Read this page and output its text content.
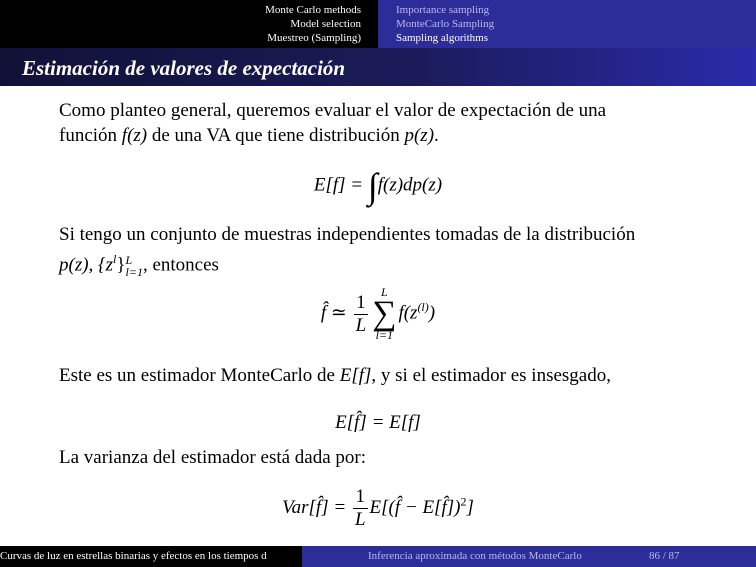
Monte Carlo methods
Model selection
Muestreo (Sampling)
Importance sampling
MonteCarlo Sampling
Sampling algorithms
Estimación de valores de expectación
Como planteo general, queremos evaluar el valor de expectación de una
función f(z) de una VA que tiene distribución p(z).
E[f] = ∫f(z)dp(z)
Si tengo un conjunto de muestras independientes tomadas de la distribución
p(z), $\{z^l\}$ L
l=1 , entonces
f̂ ≃ $\frac{1}{L}$ L
∑
l=1
$f(z^{(l)})$
Este es un estimador MonteCarlo de E[f], y si el estimador es insesgado,
E[f̂] = E[f]
La varianza del estimador está dada por:
Var[f̂] = $\frac{1}{L}$ E[(f̂ − E[f̂])$^2$]
Curvas de luz en estrellas binarias y efectos en los tiempos d	Inferencia aproximada con métodos MonteCarlo	86 / 87
